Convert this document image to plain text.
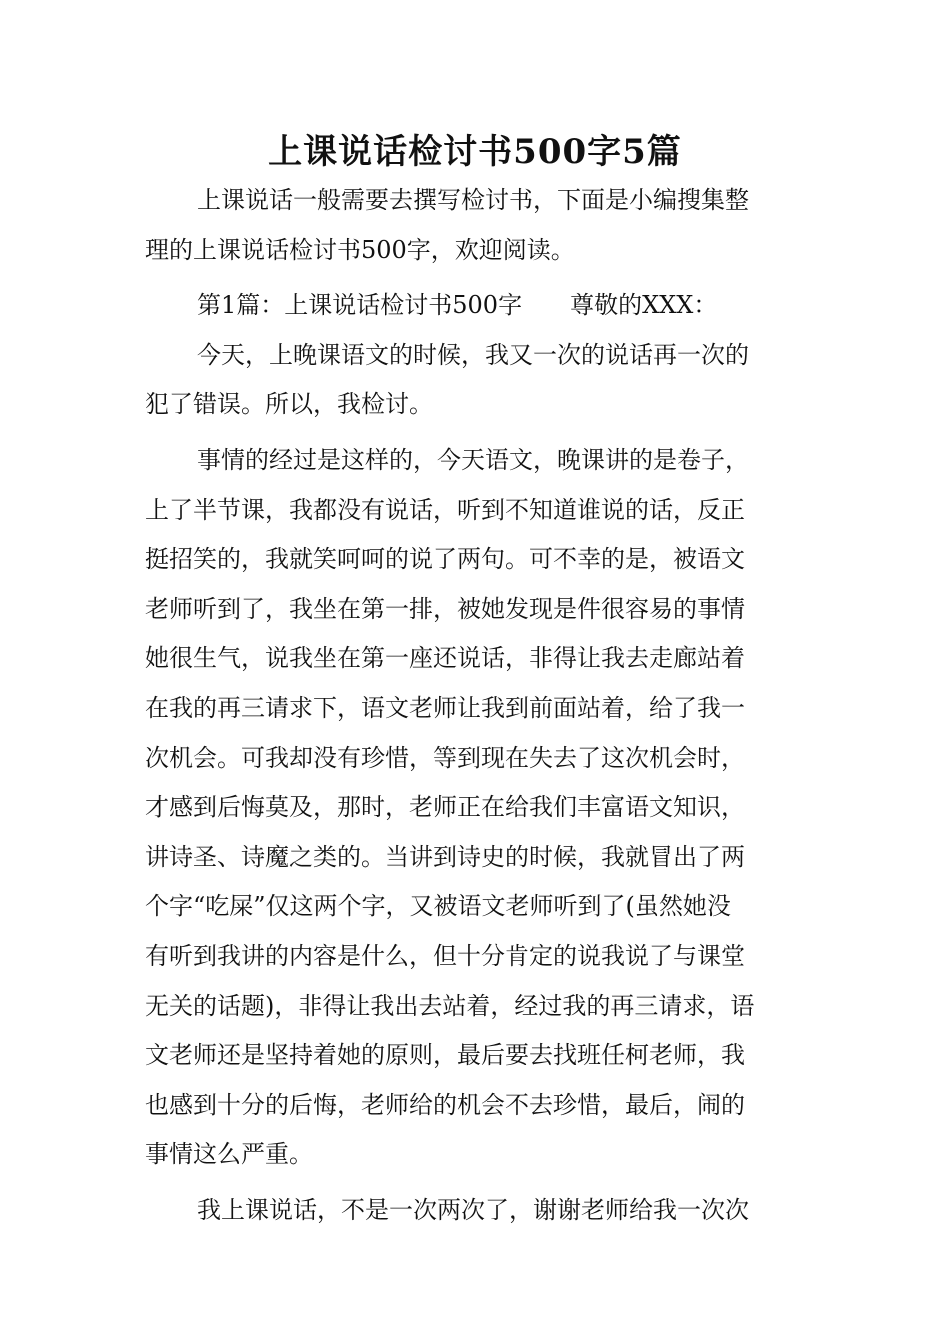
上课说话检讨书500字5篇
上课说话一般需要去撰写检讨书，下面是小编搜集整
理的上课说话检讨书500字，欢迎阅读。
第1篇：上课说话检讨书500字 尊敬的XXX：
今天，上晚课语文的时候，我又一次的说话再一次的
犯了错误。所以，我检讨。
事情的经过是这样的，今天语文，晚课讲的是卷子，
上了半节课，我都没有说话，听到不知道谁说的话，反正
挺招笑的，我就笑呵呵的说了两句。可不幸的是，被语文
老师听到了，我坐在第一排，被她发现是件很容易的事情
她很生气，说我坐在第一座还说话，非得让我去走廊站着
在我的再三请求下，语文老师让我到前面站着，给了我一
次机会。可我却没有珍惜，等到现在失去了这次机会时，
才感到后悔莫及，那时，老师正在给我们丰富语文知识，
讲诗圣、诗魔之类的。当讲到诗史的时候，我就冒出了两
个字“吃屎”仅这两个字，又被语文老师听到了(虽然她没
有听到我讲的内容是什么，但十分肯定的说我说了与课堂
无关的话题)，非得让我出去站着，经过我的再三请求，语
文老师还是坚持着她的原则，最后要去找班任柯老师，我
也感到十分的后悔，老师给的机会不去珍惜，最后，闹的
事情这么严重。
我上课说话，不是一次两次了，谢谢老师给我一次次
